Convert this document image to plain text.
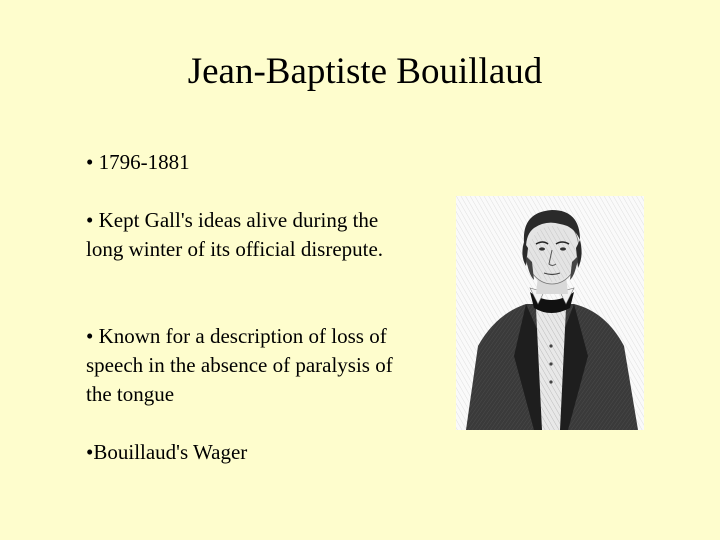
Jean-Baptiste Bouillaud

• 1796-1881

• Kept Gall's ideas alive during the long winter of its official disrepute.

• Known for a description of loss of speech in the absence of paralysis of the tongue

•Bouillaud's Wager
